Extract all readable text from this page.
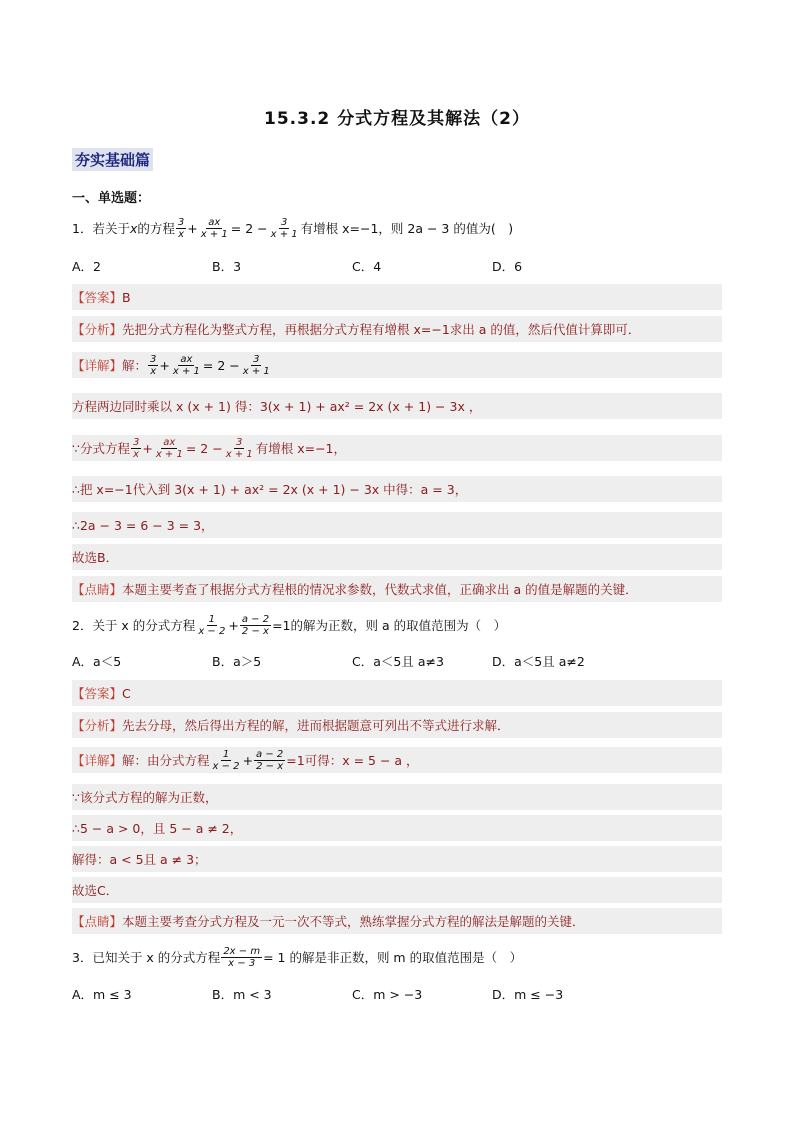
15.3.2 分式方程及其解法（2）
夯实基础篇
一、单选题：
1．若关于 x 的方程 $\frac{3}{x} + \frac{ax}{x + 1} = 2 - \frac{3}{x + 1}$ 有增根 x=−1，则 2a − 3 的值为(　)
A．2	B．3	C．4	D．6
【答案】 B
【分析】 先把分式方程化为整式方程，再根据分式方程有增根 x=−1求出 a 的值，然后代值计算即可．
【详解】 解： $\frac{3}{x} + \frac{ax}{x + 1} = 2 - \frac{3}{x + 1}$
方程两边同时乘以 x (x + 1) 得：3(x + 1) + ax² = 2x (x + 1) − 3x ，
∵分式方程 $\frac{3}{x} + \frac{ax}{x + 1} = 2 - \frac{3}{x + 1}$ 有增根 x=−1，
∴把 x=−1代入到 3(x + 1) + ax² = 2x (x + 1) − 3x 中得：a = 3，
∴2a − 3 = 6 − 3 = 3，
故选B．
【点睛】 本题主要考查了根据分式方程根的情况求参数，代数式求值，正确求出 a 的值是解题的关键．
2．关于 x 的分式方程 $\frac{1}{x - 2} + \frac{a - 2}{2 - x} =1$的解为正数，则 a 的取值范围为（　）
A．a＜5	B．a＞5	C．a＜5且 a≠3	D．a＜5且 a≠2
【答案】 C
【分析】 先去分母，然后得出方程的解，进而根据题意可列出不等式进行求解．
【详解】 解：由分式方程 $\frac{1}{x - 2} + \frac{a - 2}{2 - x} =1$可得：x = 5 − a ，
∵该分式方程的解为正数，
∴5 − a > 0，且 5 − a ≠ 2，
解得：a < 5且 a ≠ 3；
故选C．
【点睛】 本题主要考查分式方程及一元一次不等式，熟练掌握分式方程的解法是解题的关键．
3．已知关于 x 的分式方程 $\frac{2x - m}{x - 3} = 1$ 的解是非正数，则 m 的取值范围是（　）
A．m ≤ 3	B．m < 3	C．m > −3	D．m ≤ −3
